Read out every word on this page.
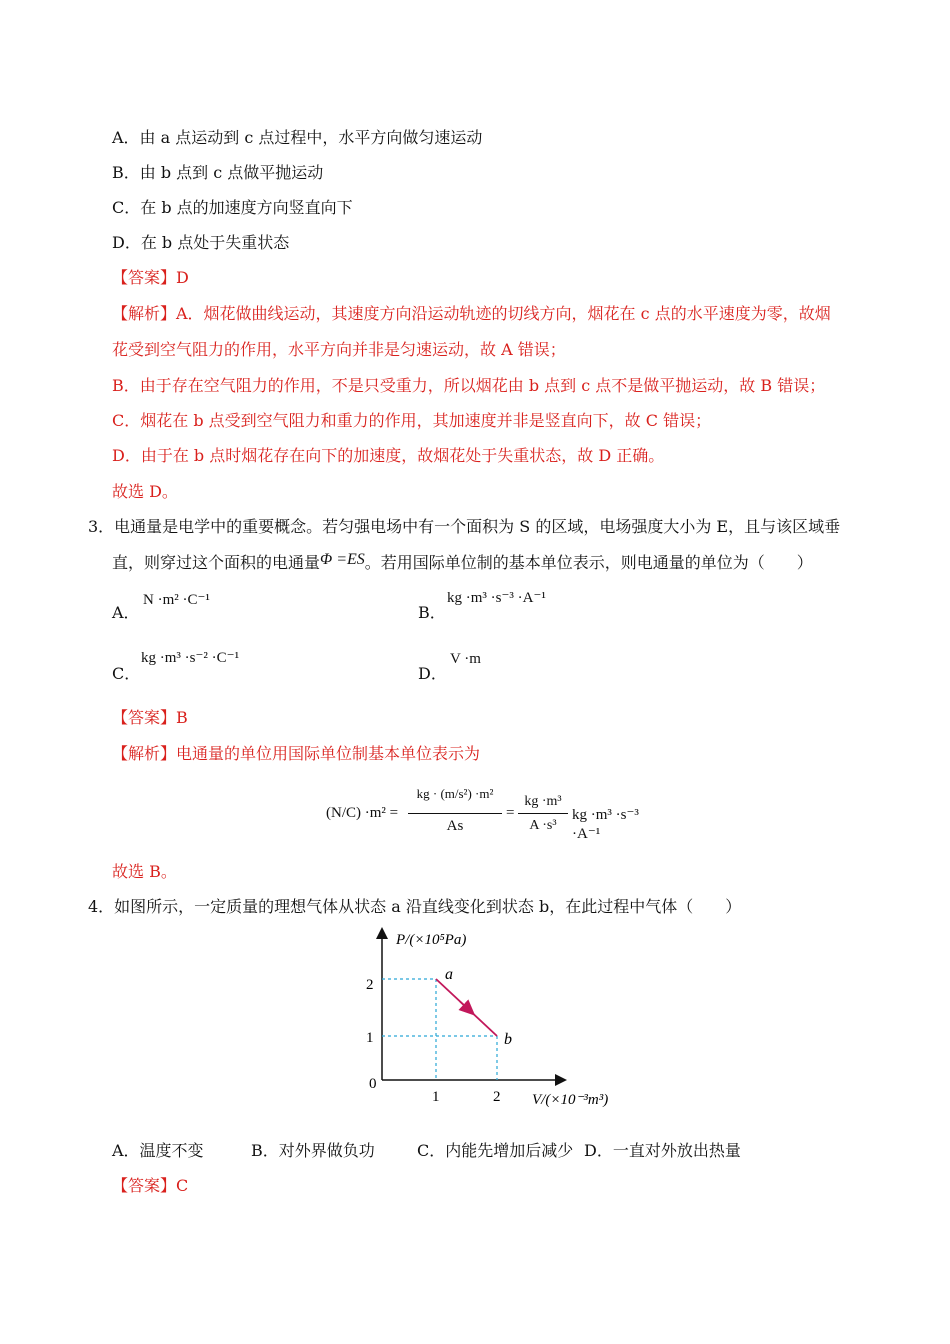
A．由 a 点运动到 c 点过程中，水平方向做匀速运动
B．由 b 点到 c 点做平抛运动
C．在 b 点的加速度方向竖直向下
D．在 b 点处于失重状态
【答案】D
【解析】A．烟花做曲线运动，其速度方向沿运动轨迹的切线方向，烟花在 c 点的水平速度为零，故烟
花受到空气阻力的作用，水平方向并非是匀速运动，故 A 错误；
B．由于存在空气阻力的作用，不是只受重力，所以烟花由 b 点到 c 点不是做平抛运动，故 B 错误；
C．烟花在 b 点受到空气阻力和重力的作用，其加速度并非是竖直向下，故 C 错误；
D．由于在 b 点时烟花存在向下的加速度，故烟花处于失重状态，故 D 正确。
故选 D。
3．电通量是电学中的重要概念。若匀强电场中有一个面积为 S 的区域，电场强度大小为 E，且与该区域垂
直，则穿过这个面积的电通量Φ =ES。若用国际单位制的基本单位表示，则电通量的单位为（　　）
A．
N ·m² ·C⁻¹
B．
kg ·m³ ·s⁻³ ·A⁻¹
C．
kg ·m³ ·s⁻² ·C⁻¹
D．
V ·m
【答案】B
【解析】电通量的单位用国际单位制基本单位表示为
(N/C) ·m² =
kg · (m/s²) ·m²
As
=
kg ·m³
A ·s³
kg ·m³ ·s⁻³ ·A⁻¹
故选 B。
4．如图所示，一定质量的理想气体从状态 a 沿直线变化到状态 b，在此过程中气体（　　）
P/(×10⁵Pa)
V/(×10⁻³m³)
0
1	2
2
1
a
b
A．温度不变	B．对外界做负功	C．内能先增加后减少 D．一直对外放出热量
【答案】C
